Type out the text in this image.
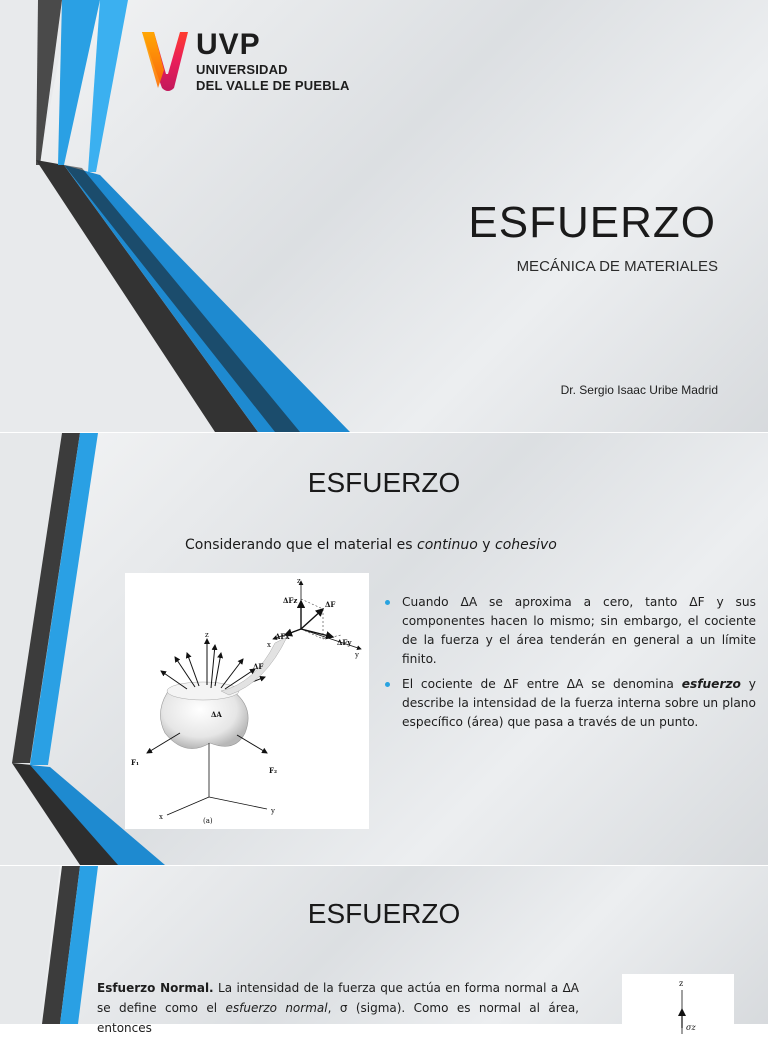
UVP
UNIVERSIDAD
DEL VALLE DE PUEBLA
ESFUERZO
MECÁNICA DE MATERIALES
Dr. Sergio Isaac Uribe Madrid
ESFUERZO
Considerando que el material es continuo y cohesivo
z
ΔFz	ΔF
ΔFx
ΔFy
y
x
ΔF
ΔA
z
F₁
F₂
x
y
(a)
Cuando ΔA se aproxima a cero, tanto ΔF y sus componentes hacen lo mismo; sin embargo, el cociente de la fuerza y el área tenderán en general a un límite finito.
El cociente de ΔF entre ΔA se denomina esfuerzo y describe la intensidad de la fuerza interna sobre un plano específico (área) que pasa a través de un punto.
ESFUERZO
Esfuerzo Normal. La intensidad de la fuerza que actúa en forma normal a ΔA se define como el esfuerzo normal, σ (sigma). Como es normal al área, entonces
z
σz
